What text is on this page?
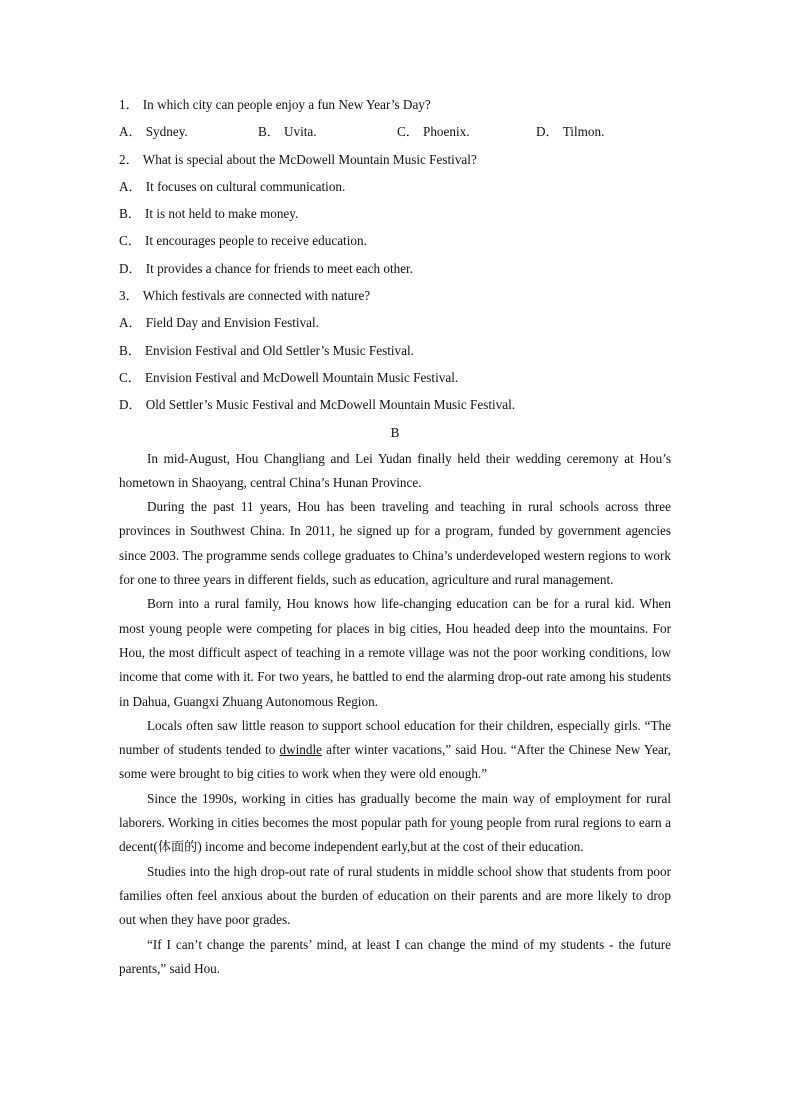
1． In which city can people enjoy a fun New Year’s Day?
A． Sydney.	B． Uvita.	C． Phoenix.	D． Tilmon.
2． What is special about the McDowell Mountain Music Festival?
A． It focuses on cultural communication.
B． It is not held to make money.
C． It encourages people to receive education.
D． It provides a chance for friends to meet each other.
3． Which festivals are connected with nature?
A． Field Day and Envision Festival.
B． Envision Festival and Old Settler’s Music Festival.
C． Envision Festival and McDowell Mountain Music Festival.
D． Old Settler’s Music Festival and McDowell Mountain Music Festival.
B

In mid-August, Hou Changliang and Lei Yudan finally held their wedding ceremony at Hou’s hometown in Shaoyang, central China’s Hunan Province.

During the past 11 years, Hou has been traveling and teaching in rural schools across three provinces in Southwest China. In 2011, he signed up for a program, funded by government agencies since 2003. The programme sends college graduates to China’s underdeveloped western regions to work for one to three years in different fields, such as education, agriculture and rural management.

Born into a rural family, Hou knows how life-changing education can be for a rural kid. When most young people were competing for places in big cities, Hou headed deep into the mountains. For Hou, the most difficult aspect of teaching in a remote village was not the poor working conditions, low income that come with it. For two years, he battled to end the alarming drop-out rate among his students in Dahua, Guangxi Zhuang Autonomous Region.

Locals often saw little reason to support school education for their children, especially girls. “The number of students tended to dwindle after winter vacations,” said Hou. “After the Chinese New Year, some were brought to big cities to work when they were old enough.”

Since the 1990s, working in cities has gradually become the main way of employment for rural laborers. Working in cities becomes the most popular path for young people from rural regions to earn a decent(体面的) income and become independent early,but at the cost of their education.

Studies into the high drop-out rate of rural students in middle school show that students from poor families often feel anxious about the burden of education on their parents and are more likely to drop out when they have poor grades.

“If I can’t change the parents’ mind, at least I can change the mind of my students - the future parents,” said Hou.
